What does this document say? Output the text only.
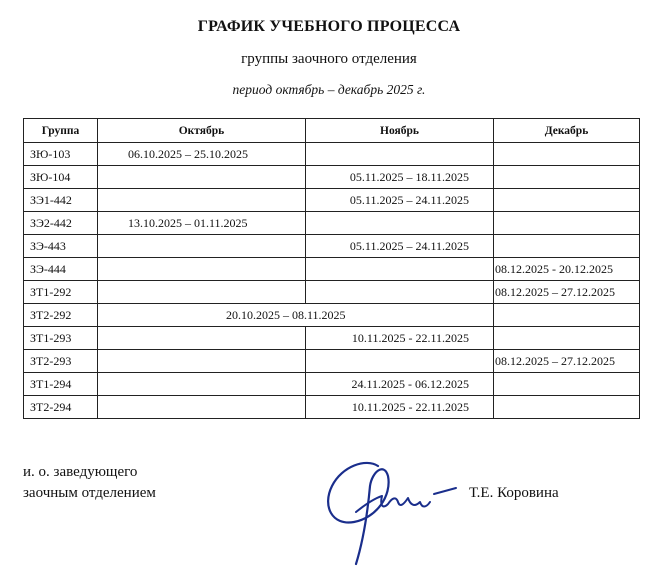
ГРАФИК УЧЕБНОГО ПРОЦЕССА
группы заочного отделения
период октябрь – декабрь 2025 г.
Группа	Октябрь	Ноябрь	Декабрь
ЗЮ-103	06.10.2025 – 25.10.2025		
ЗЮ-104		05.11.2025 – 18.11.2025	
ЗЭ1-442		05.11.2025 – 24.11.2025	
ЗЭ2-442	13.10.2025 – 01.11.2025		
ЗЭ-443		05.11.2025 – 24.11.2025	
ЗЭ-444			08.12.2025 - 20.12.2025
ЗТ1-292			08.12.2025 – 27.12.2025
ЗТ2-292	20.10.2025 – 08.11.2025		
ЗТ1-293		10.11.2025 - 22.11.2025	
ЗТ2-293			08.12.2025 – 27.12.2025
ЗТ1-294		24.11.2025 - 06.12.2025	
ЗТ2-294		10.11.2025 - 22.11.2025	
и. о. заведующего
заочным отделением	Т.Е. Коровина
